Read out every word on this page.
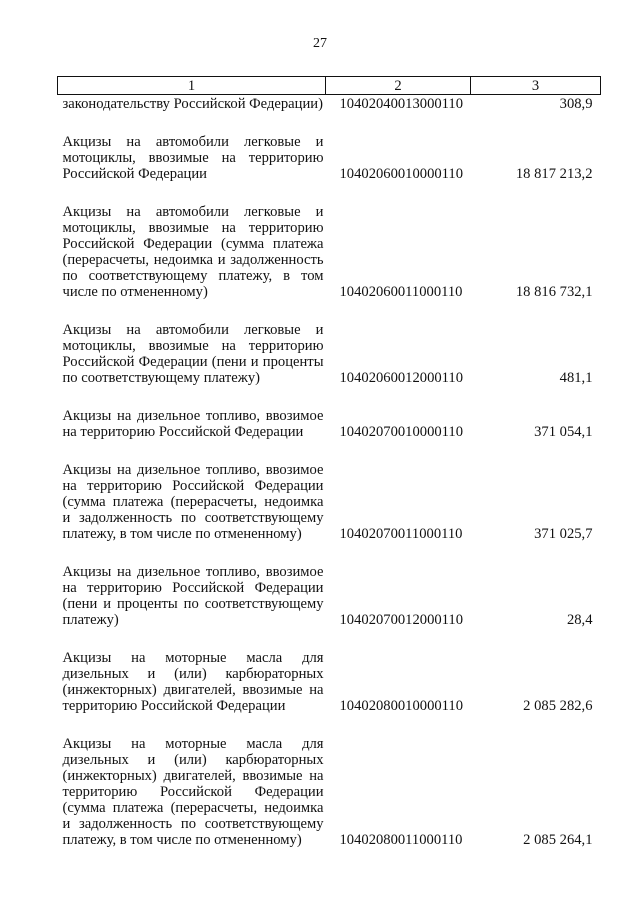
27
1	2	3
законодательству Российской Федерации)	10402040013000110	308,9
Акцизы на автомобили легковые и мотоциклы, ввозимые на территорию Российской Федерации	10402060010000110	18 817 213,2
Акцизы на автомобили легковые и мотоциклы, ввозимые на территорию Российской Федерации (сумма платежа (перерасчеты, недоимка и задолженность по соответствующему платежу, в том числе по отмененному)	10402060011000110	18 816 732,1
Акцизы на автомобили легковые и мотоциклы, ввозимые на территорию Российской Федерации (пени и проценты по соответствующему платежу)	10402060012000110	481,1
Акцизы на дизельное топливо, ввозимое на территорию Российской Федерации	10402070010000110	371 054,1
Акцизы на дизельное топливо, ввозимое на территорию Российской Федерации (сумма платежа (перерасчеты, недоимка и задолженность по соответствующему платежу, в том числе по отмененному)	10402070011000110	371 025,7
Акцизы на дизельное топливо, ввозимое на территорию Российской Федерации (пени и проценты по соответствующему платежу)	10402070012000110	28,4
Акцизы на моторные масла для дизельных и (или) карбюраторных (инжекторных) двигателей, ввозимые на территорию Российской Федерации	10402080010000110	2 085 282,6
Акцизы на моторные масла для дизельных и (или) карбюраторных (инжекторных) двигателей, ввозимые на территорию Российской Федерации (сумма платежа (перерасчеты, недоимка и задолженность по соответствующему платежу, в том числе по отмененному)	10402080011000110	2 085 264,1
